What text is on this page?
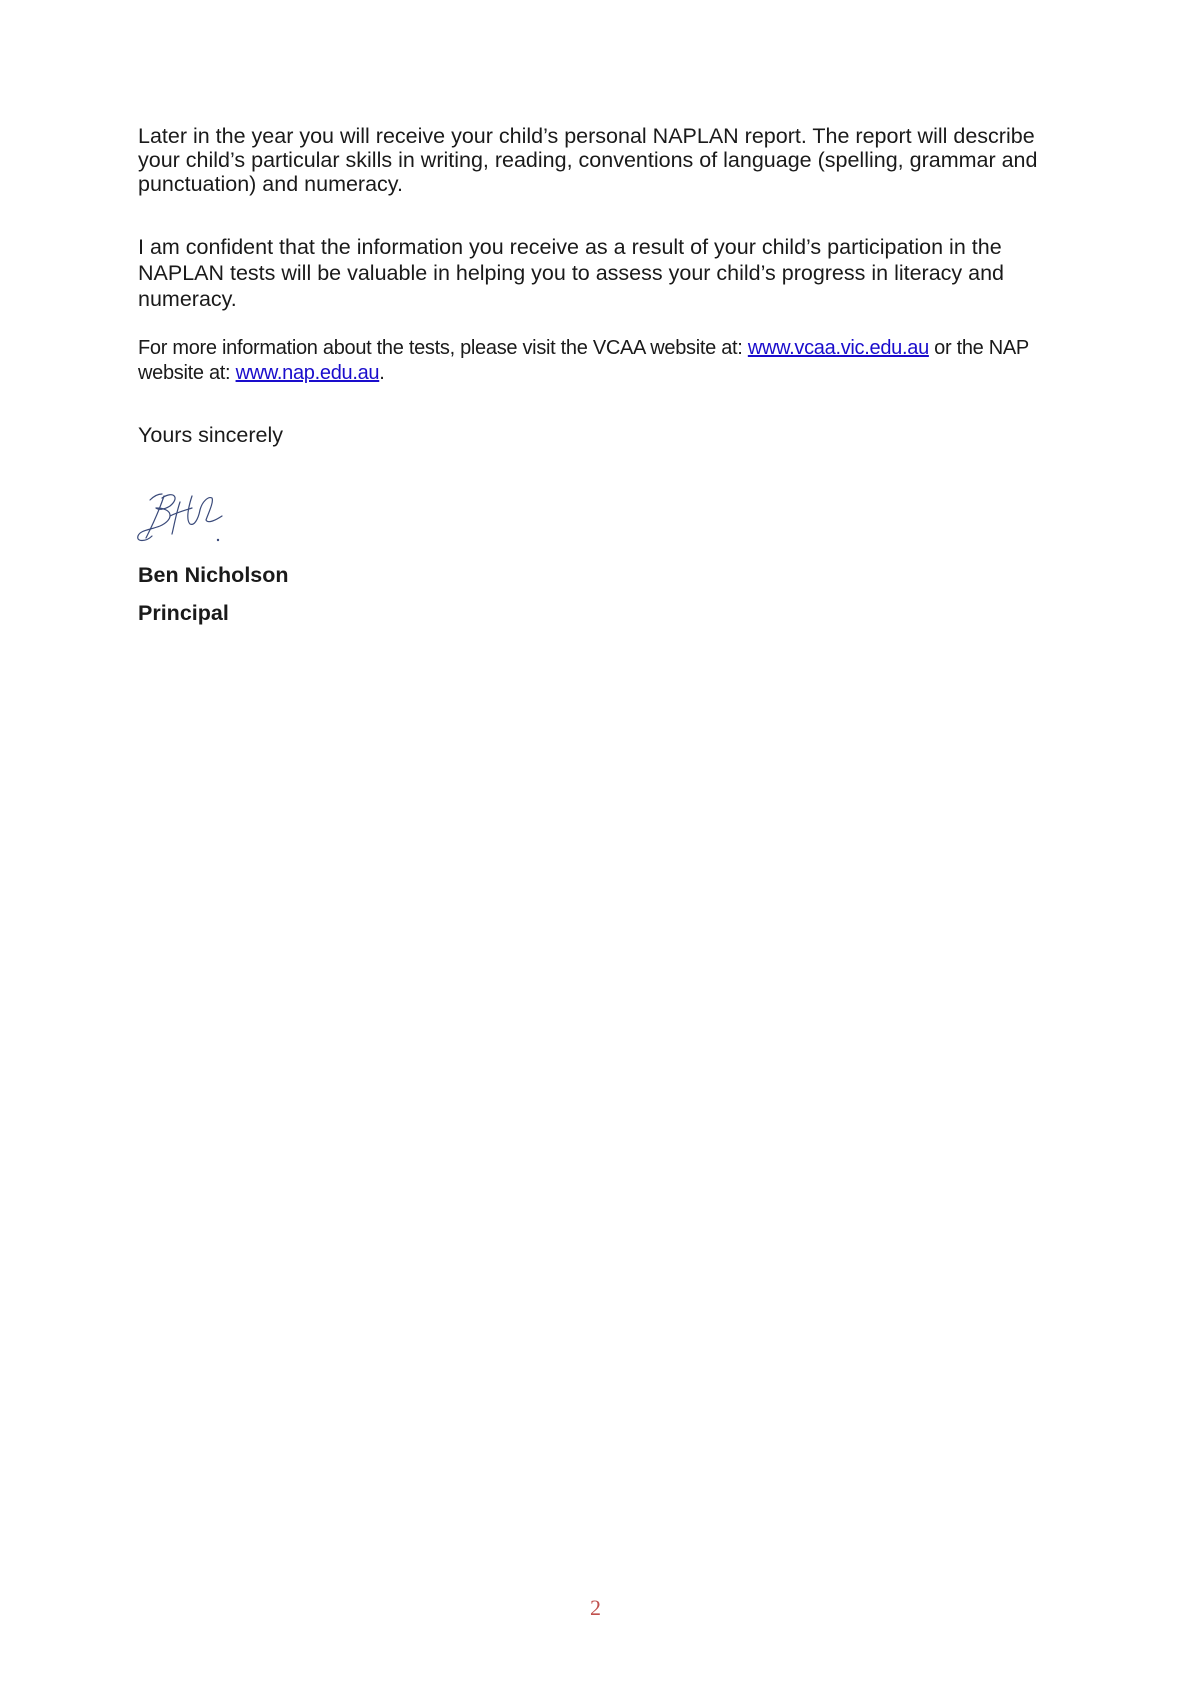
Later in the year you will receive your child’s personal NAPLAN report. The report will describe your child’s particular skills in writing, reading, conventions of language (spelling, grammar and punctuation) and numeracy.

I am confident that the information you receive as a result of your child’s participation in the NAPLAN tests will be valuable in helping you to assess your child’s progress in literacy and numeracy.

For more information about the tests, please visit the VCAA website at: www.vcaa.vic.edu.au or the NAP website at: www.nap.edu.au.

Yours sincerely

Ben Nicholson

Principal

2
